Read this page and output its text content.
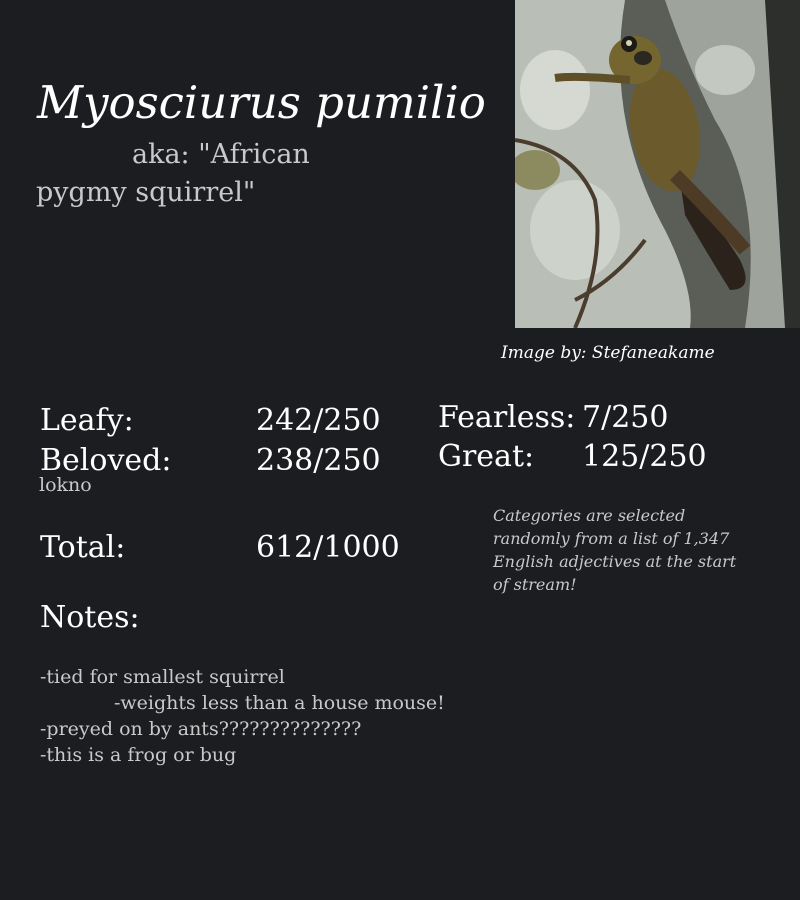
Myosciurus pumilio
aka: "African pygmy squirrel"
Image by: Stefaneakame
Leafy:	242/250
Beloved:	238/250
lokno
Fearless: 7/250
Great: 125/250
Categories are selected randomly from a list of 1,347 English adjectives at the start of stream!
Total:	612/1000
Notes:
-tied for smallest squirrel
-weights less than a house mouse!
-preyed on by ants??????????????
-this is a frog or bug
